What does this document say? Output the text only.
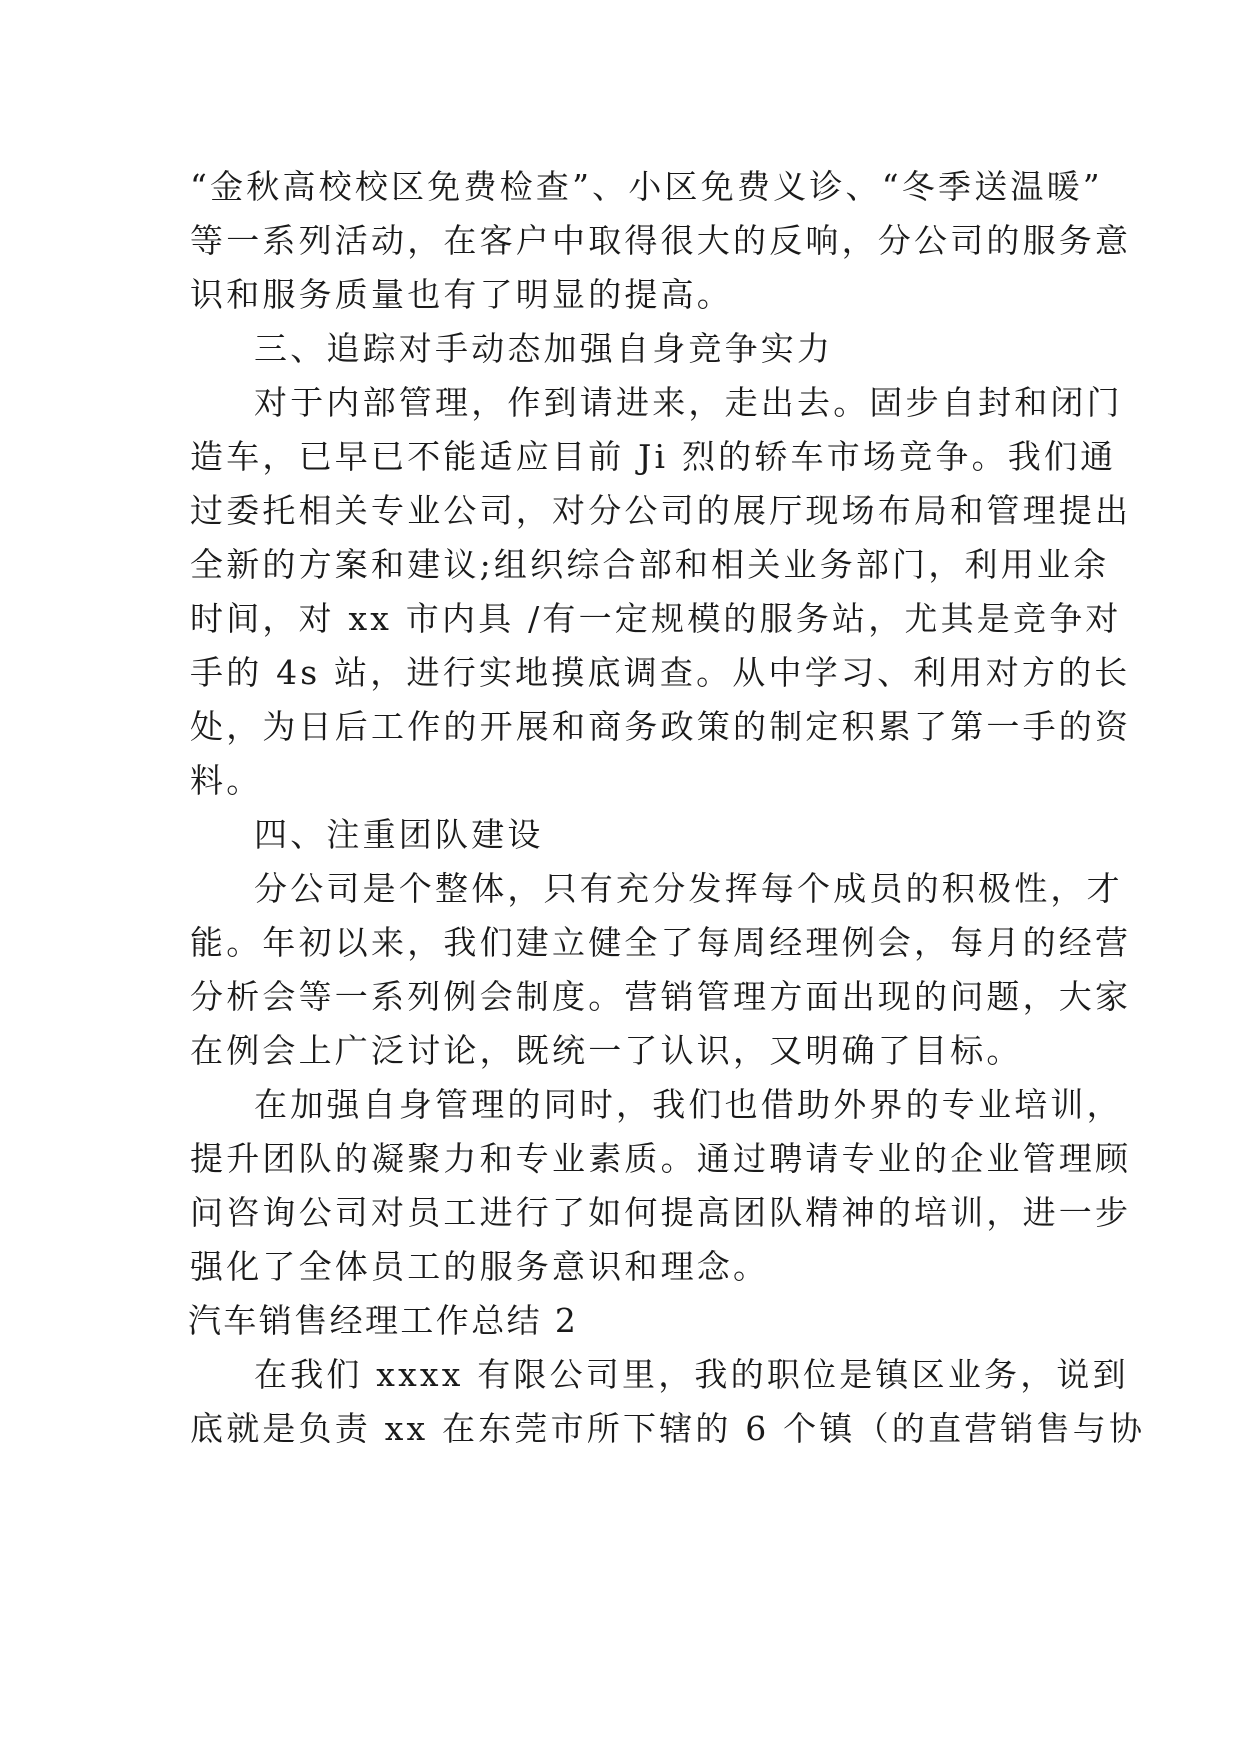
“金秋高校校区免费检查”、小区免费义诊、“冬季送温暖”
等一系列活动，在客户中取得很大的反响，分公司的服务意
识和服务质量也有了明显的提高。
三、追踪对手动态加强自身竞争实力
对于内部管理，作到请进来，走出去。固步自封和闭门
造车，已早已不能适应目前 Ji 烈的轿车市场竞争。我们通
过委托相关专业公司，对分公司的展厅现场布局和管理提出
全新的方案和建议;组织综合部和相关业务部门，利用业余
时间，对 xx 市内具 /有一定规模的服务站，尤其是竞争对
手的 4s 站，进行实地摸底调查。从中学习、利用对方的长
处，为日后工作的开展和商务政策的制定积累了第一手的资
料。
四、注重团队建设
分公司是个整体，只有充分发挥每个成员的积极性，才
能。年初以来，我们建立健全了每周经理例会，每月的经营
分析会等一系列例会制度。营销管理方面出现的问题，大家
在例会上广泛讨论，既统一了认识，又明确了目标。
在加强自身管理的同时，我们也借助外界的专业培训，
提升团队的凝聚力和专业素质。通过聘请专业的企业管理顾
问咨询公司对员工进行了如何提高团队精神的培训，进一步
强化了全体员工的服务意识和理念。
汽车销售经理工作总结 2
在我们 xxxx 有限公司里，我的职位是镇区业务，说到
底就是负责 xx 在东莞市所下辖的 6 个镇（的直营销售与协
